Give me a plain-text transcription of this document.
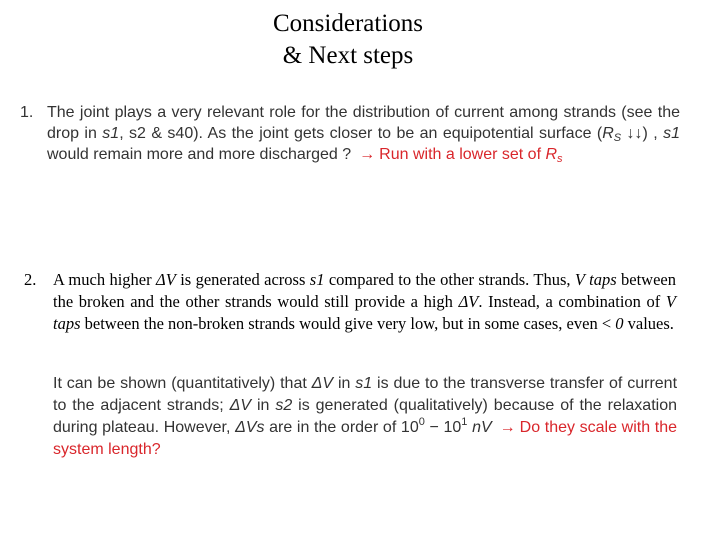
Considerations
& Next steps
1. The joint plays a very relevant role for the distribution of current among strands (see the drop in s1, s2 & s40). As the joint gets closer to be an equipotential surface ($R_S$ ↓↓) , s1 would remain more and more discharged ? → Run with a lower set of $R_s$
2. A much higher ΔV is generated across s1 compared to the other strands. Thus, V taps between the broken and the other strands would still provide a high ΔV. Instead, a combination of V taps between the non-broken strands would give very low, but in some cases, even < 0 values.
It can be shown (quantitatively) that ΔV in s1 is due to the transverse transfer of current to the adjacent strands; ΔV in s2 is generated (qualitatively) because of the relaxation during plateau. However, ΔVs are in the order of $10^0 - 10^1$ nV → Do they scale with the system length?
